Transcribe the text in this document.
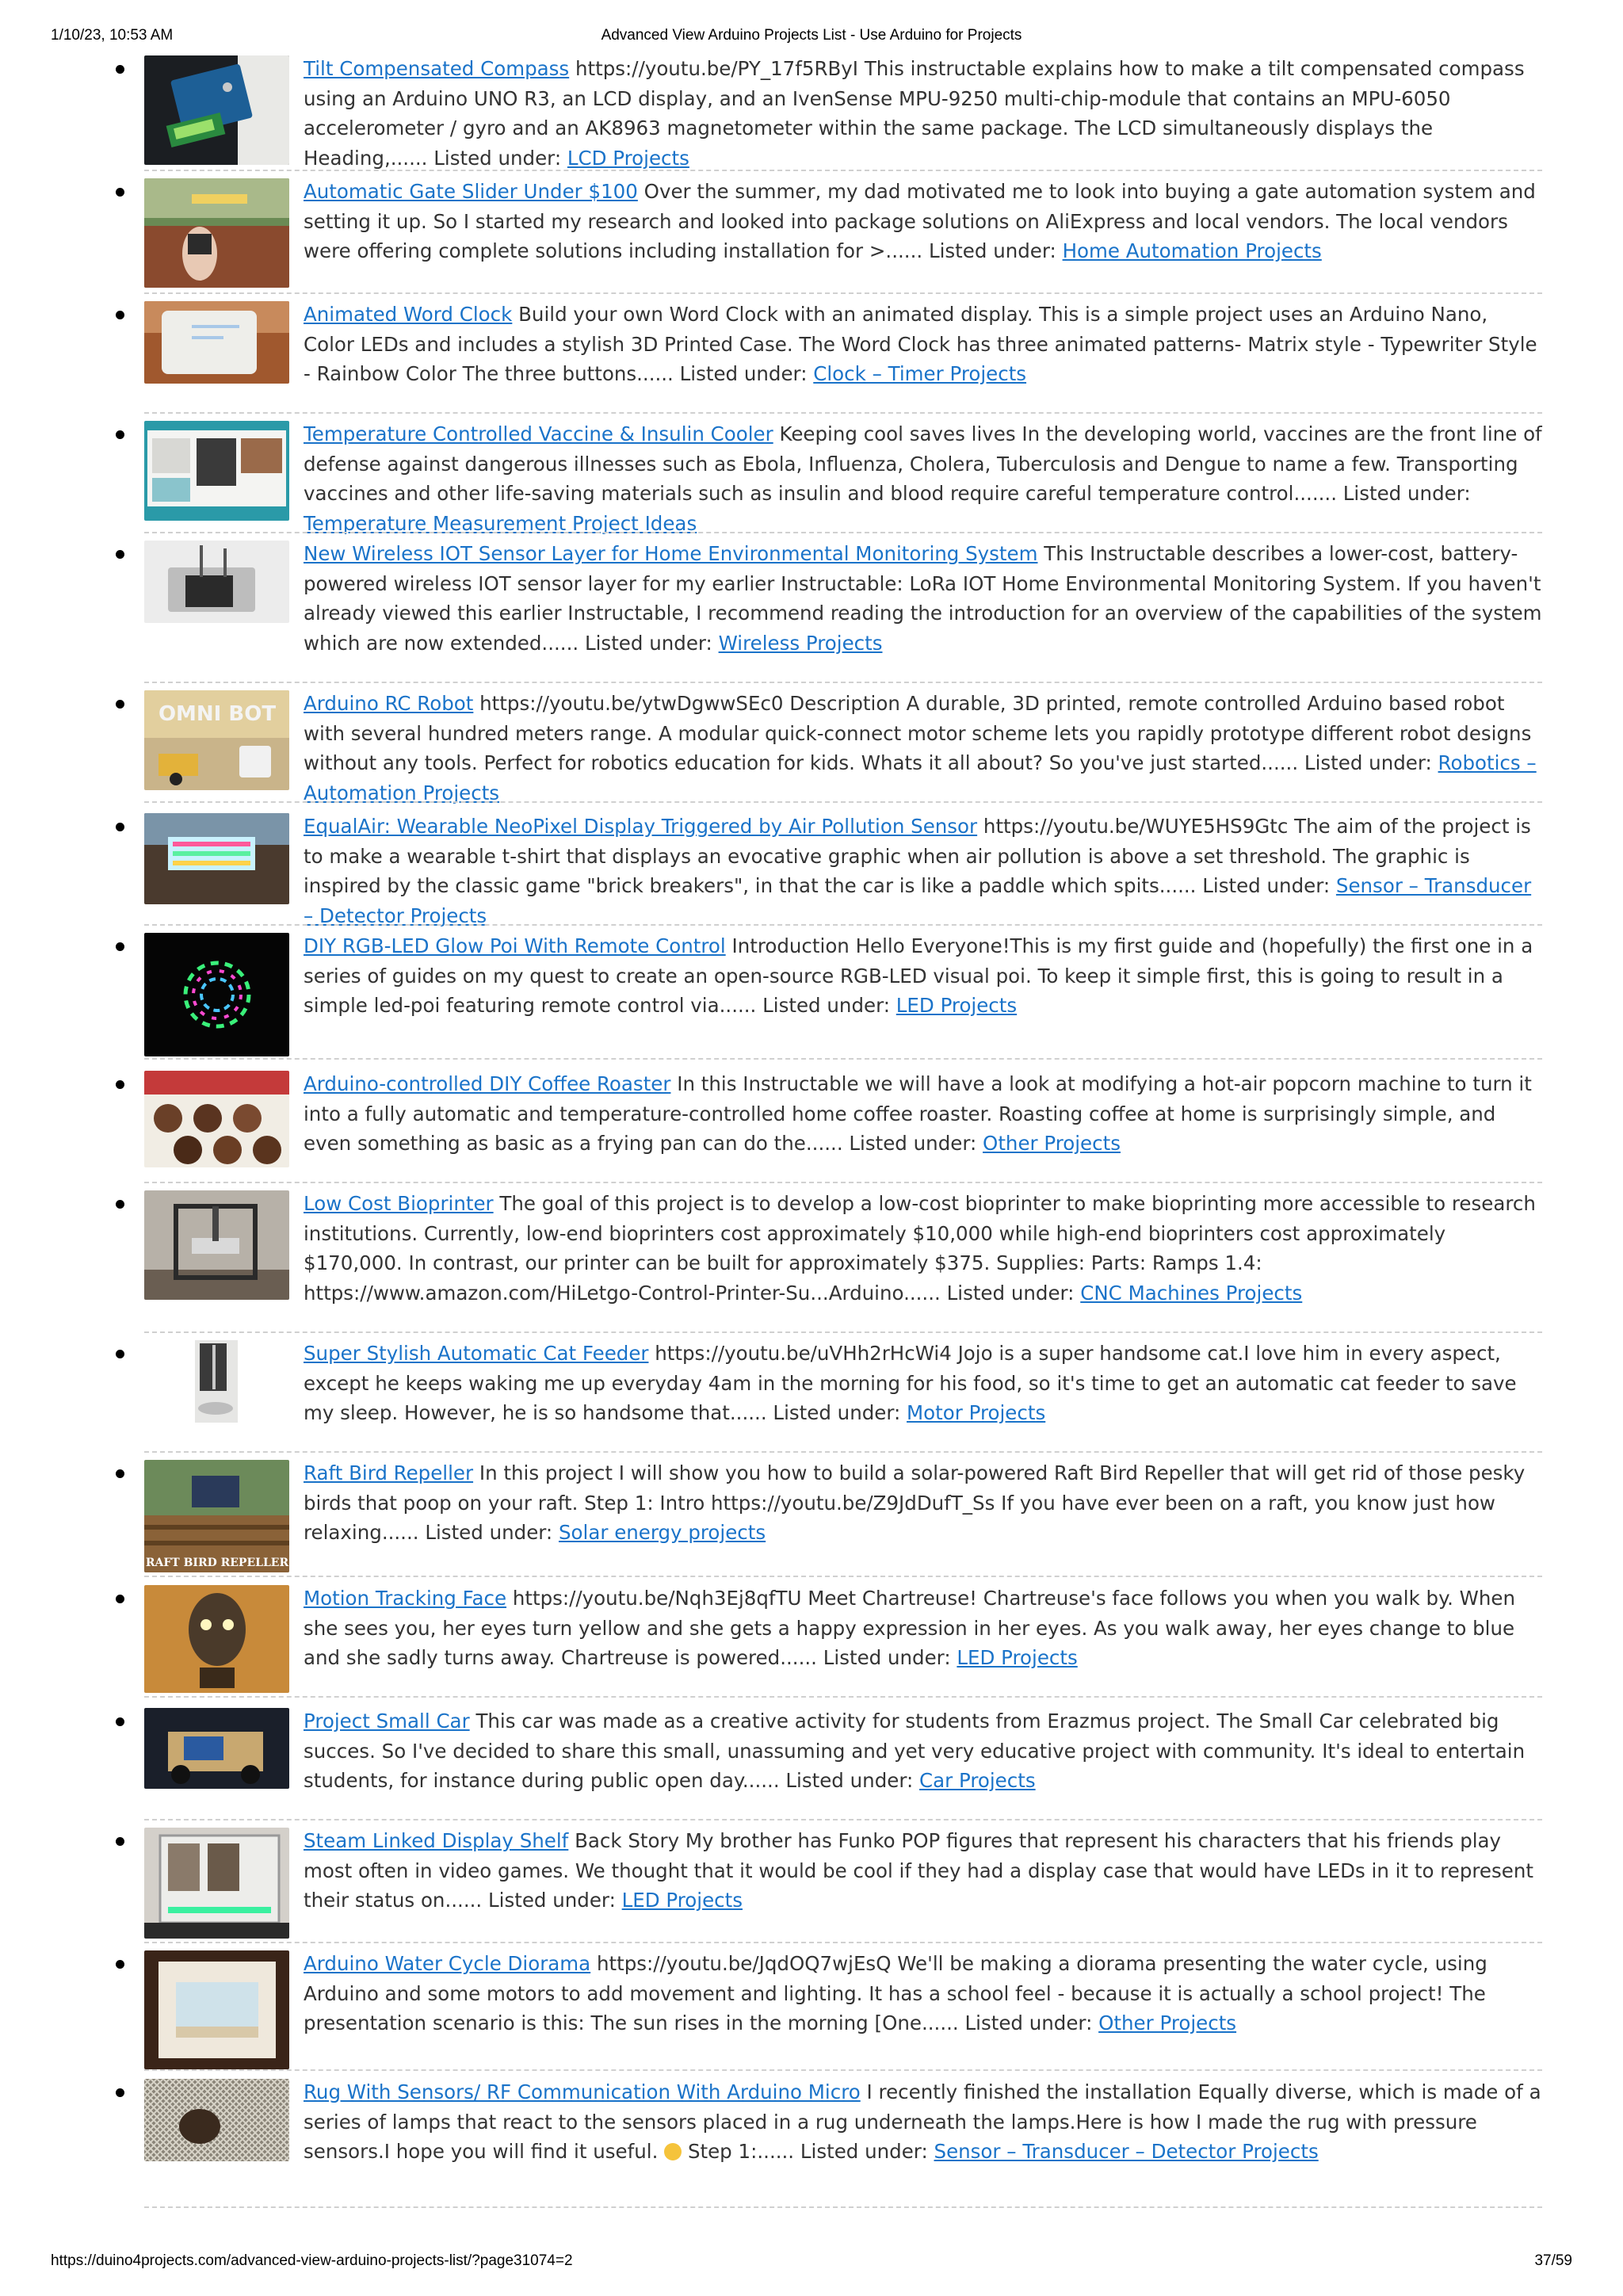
1/10/23, 10:53 AM	Advanced View Arduino Projects List - Use Arduino for Projects
Tilt Compensated Compass https://youtu.be/PY_17f5RByI This instructable explains how to make a tilt compensated compass using an Arduino UNO R3, an LCD display, and an IvenSense MPU-9250 multi-chip-module that contains an MPU-6050 accelerometer / gyro and an AK8963 magnetometer within the same package. The LCD simultaneously displays the Heading,...... Listed under: LCD Projects
Automatic Gate Slider Under $100 Over the summer, my dad motivated me to look into buying a gate automation system and setting it up. So I started my research and looked into package solutions on AliExpress and local vendors. The local vendors were offering complete solutions including installation for >...... Listed under: Home Automation Projects
Animated Word Clock Build your own Word Clock with an animated display. This is a simple project uses an Arduino Nano, Color LEDs and includes a stylish 3D Printed Case. The Word Clock has three animated patterns- Matrix style - Typewriter Style - Rainbow Color The three buttons...... Listed under: Clock – Timer Projects
Temperature Controlled Vaccine & Insulin Cooler Keeping cool saves lives In the developing world, vaccines are the front line of defense against dangerous illnesses such as Ebola, Influenza, Cholera, Tuberculosis and Dengue to name a few. Transporting vaccines and other life-saving materials such as insulin and blood require careful temperature control....... Listed under: Temperature Measurement Project Ideas
New Wireless IOT Sensor Layer for Home Environmental Monitoring System This Instructable describes a lower-cost, battery-powered wireless IOT sensor layer for my earlier Instructable: LoRa IOT Home Environmental Monitoring System. If you haven't already viewed this earlier Instructable, I recommend reading the introduction for an overview of the capabilities of the system which are now extended...... Listed under: Wireless Projects
OMNI BOT Arduino RC Robot https://youtu.be/ytwDgwwSEc0 Description A durable, 3D printed, remote controlled Arduino based robot with several hundred meters range. A modular quick-connect motor scheme lets you rapidly prototype different robot designs without any tools. Perfect for robotics education for kids. Whats it all about? So you've just started...... Listed under: Robotics – Automation Projects
EqualAir: Wearable NeoPixel Display Triggered by Air Pollution Sensor https://youtu.be/WUYE5HS9Gtc The aim of the project is to make a wearable t-shirt that displays an evocative graphic when air pollution is above a set threshold. The graphic is inspired by the classic game "brick breakers", in that the car is like a paddle which spits...... Listed under: Sensor – Transducer – Detector Projects
DIY RGB-LED Glow Poi With Remote Control Introduction Hello Everyone!This is my first guide and (hopefully) the first one in a series of guides on my quest to create an open-source RGB-LED visual poi. To keep it simple first, this is going to result in a simple led-poi featuring remote control via...... Listed under: LED Projects
Arduino-controlled DIY Coffee Roaster In this Instructable we will have a look at modifying a hot-air popcorn machine to turn it into a fully automatic and temperature-controlled home coffee roaster. Roasting coffee at home is surprisingly simple, and even something as basic as a frying pan can do the...... Listed under: Other Projects
Low Cost Bioprinter The goal of this project is to develop a low-cost bioprinter to make bioprinting more accessible to research institutions. Currently, low-end bioprinters cost approximately $10,000 while high-end bioprinters cost approximately $170,000. In contrast, our printer can be built for approximately $375. Supplies: Parts: Ramps 1.4: https://www.amazon.com/HiLetgo-Control-Printer-Su...Arduino...... Listed under: CNC Machines Projects
Super Stylish Automatic Cat Feeder https://youtu.be/uVHh2rHcWi4 Jojo is a super handsome cat.I love him in every aspect, except he keeps waking me up everyday 4am in the morning for his food, so it's time to get an automatic cat feeder to save my sleep. However, he is so handsome that...... Listed under: Motor Projects
RAFT BIRD REPELLER
Raft Bird Repeller In this project I will show you how to build a solar-powered Raft Bird Repeller that will get rid of those pesky birds that poop on your raft. Step 1: Intro https://youtu.be/Z9JdDufT_Ss If you have ever been on a raft, you know just how relaxing...... Listed under: Solar energy projects
Motion Tracking Face https://youtu.be/Nqh3Ej8qfTU Meet Chartreuse! Chartreuse's face follows you when you walk by. When she sees you, her eyes turn yellow and she gets a happy expression in her eyes. As you walk away, her eyes change to blue and she sadly turns away. Chartreuse is powered...... Listed under: LED Projects
Project Small Car This car was made as a creative activity for students from Erazmus project. The Small Car celebrated big succes. So I've decided to share this small, unassuming and yet very educative project with community. It's ideal to entertain students, for instance during public open day...... Listed under: Car Projects
Steam Linked Display Shelf Back Story My brother has Funko POP figures that represent his characters that his friends play most often in video games. We thought that it would be cool if they had a display case that would have LEDs in it to represent their status on...... Listed under: LED Projects
Arduino Water Cycle Diorama https://youtu.be/JqdOQ7wjEsQ We'll be making a diorama presenting the water cycle, using Arduino and some motors to add movement and lighting. It has a school feel - because it is actually a school project! The presentation scenario is this: The sun rises in the morning [One...... Listed under: Other Projects
Rug With Sensors/ RF Communication With Arduino Micro I recently finished the installation Equally diverse, which is made of a series of lamps that react to the sensors placed in a rug underneath the lamps.Here is how I made the rug with pressure sensors.I hope you will find it useful. Step 1:...... Listed under: Sensor – Transducer – Detector Projects
https://duino4projects.com/advanced-view-arduino-projects-list/?page31074=2	37/59
